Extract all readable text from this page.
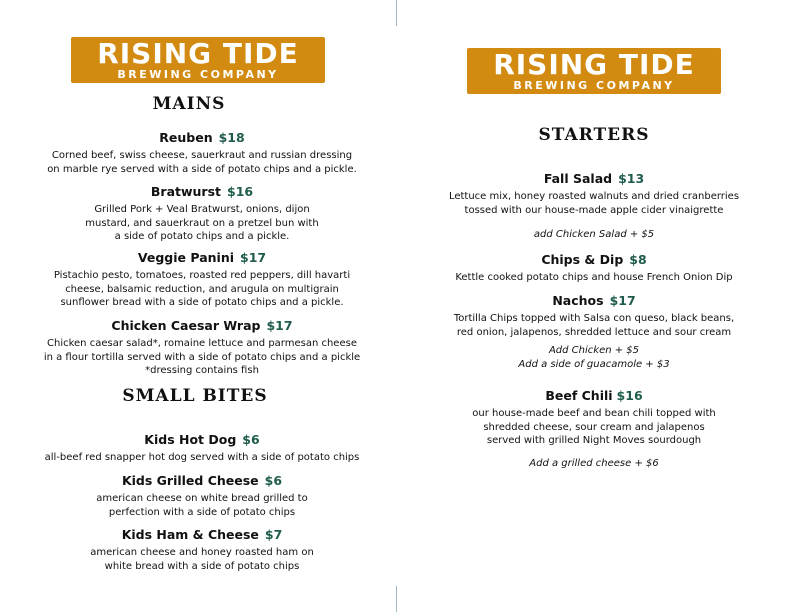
RISING TIDE
BREWING COMPANY
MAINS
Reuben $18
Corned beef, swiss cheese, sauerkraut and russian dressing
on marble rye served with a side of potato chips and a pickle.
Bratwurst $16
Grilled Pork + Veal Bratwurst, onions, dijon
mustard, and sauerkraut on a pretzel bun with
a side of potato chips and a pickle.
Veggie Panini $17
Pistachio pesto, tomatoes, roasted red peppers, dill havarti
cheese, balsamic reduction, and arugula on multigrain
sunflower bread with a side of potato chips and a pickle.
Chicken Caesar Wrap $17
Chicken caesar salad*, romaine lettuce and parmesan cheese
in a flour tortilla served with a side of potato chips and a pickle
*dressing contains fish
SMALL BITES
Kids Hot Dog $6
all-beef red snapper hot dog served with a side of potato chips
Kids Grilled Cheese $6
american cheese on white bread grilled to
perfection with a side of potato chips
Kids Ham & Cheese $7
american cheese and honey roasted ham on
white bread with a side of potato chips
RISING TIDE
BREWING COMPANY
STARTERS
Fall Salad $13
Lettuce mix, honey roasted walnuts and dried cranberries
tossed with our house-made apple cider vinaigrette
add Chicken Salad + $5
Chips & Dip $8
Kettle cooked potato chips and house French Onion Dip
Nachos $17
Tortilla Chips topped with Salsa con queso, black beans,
red onion, jalapenos, shredded lettuce and sour cream
Add Chicken + $5
Add a side of guacamole + $3
Beef Chili $16
our house-made beef and bean chili topped with
shredded cheese, sour cream and jalapenos
served with grilled Night Moves sourdough
Add a grilled cheese + $6
